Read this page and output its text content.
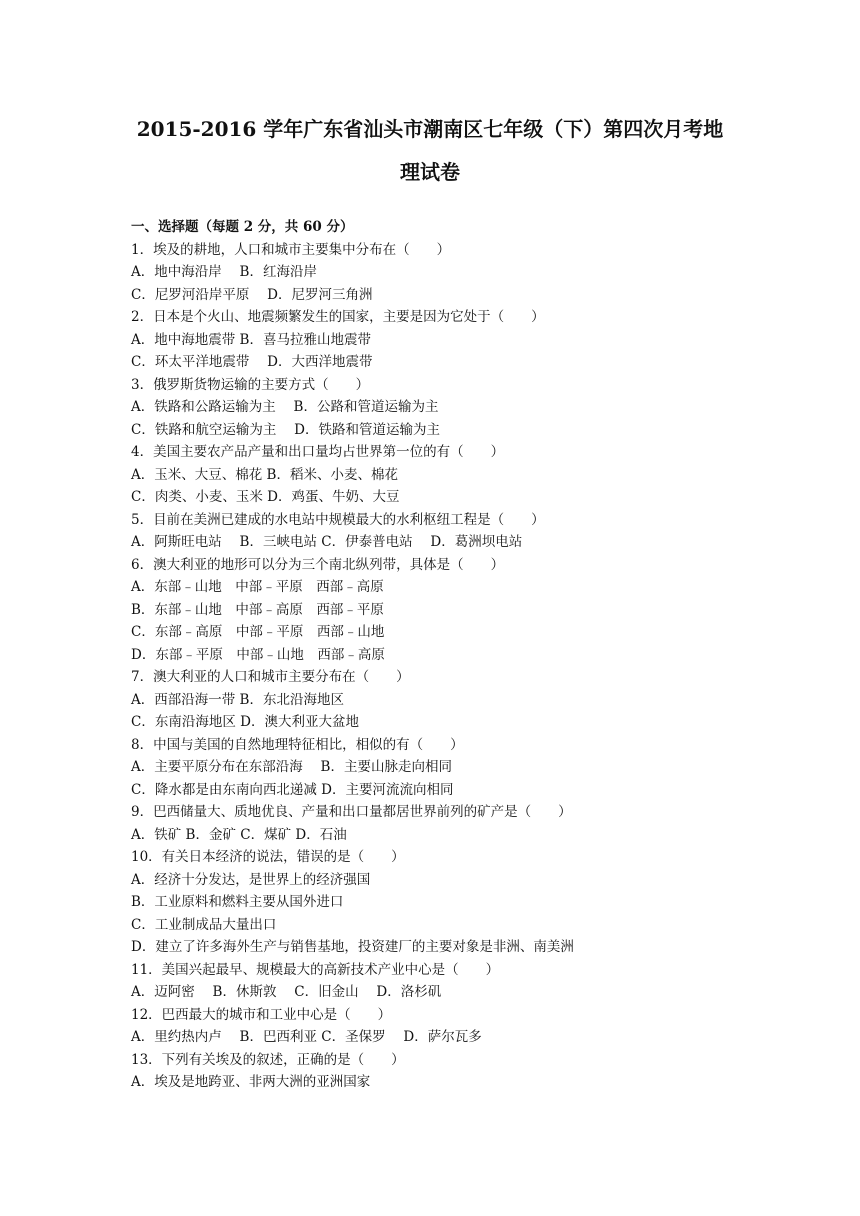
2015-2016 学年广东省汕头市潮南区七年级（下）第四次月考地
理试卷
一、选择题（每题 2 分，共 60 分）
1．埃及的耕地，人口和城市主要集中分布在（　　）
A．地中海沿岸　 B．红海沿岸
C．尼罗河沿岸平原　 D．尼罗河三角洲
2．日本是个火山、地震频繁发生的国家，主要是因为它处于（　　）
A．地中海地震带 B．喜马拉雅山地震带
C．环太平洋地震带　 D．大西洋地震带
3．俄罗斯货物运输的主要方式（　　）
A．铁路和公路运输为主　 B．公路和管道运输为主
C．铁路和航空运输为主　 D．铁路和管道运输为主
4．美国主要农产品产量和出口量均占世界第一位的有（　　）
A．玉米、大豆、棉花 B．稻米、小麦、棉花
C．肉类、小麦、玉米 D．鸡蛋、牛奶、大豆
5．目前在美洲已建成的水电站中规模最大的水利枢纽工程是（　　）
A．阿斯旺电站　 B．三峡电站 C．伊泰普电站　 D．葛洲坝电站
6．澳大利亚的地形可以分为三个南北纵列带，具体是（　　）
A．东部﹣山地　中部﹣平原　西部﹣高原
B．东部﹣山地　中部﹣高原　西部﹣平原
C．东部﹣高原　中部﹣平原　西部﹣山地
D．东部﹣平原　中部﹣山地　西部﹣高原
7．澳大利亚的人口和城市主要分布在（　　）
A．西部沿海一带 B．东北沿海地区
C．东南沿海地区 D．澳大利亚大盆地
8．中国与美国的自然地理特征相比，相似的有（　　）
A．主要平原分布在东部沿海　 B．主要山脉走向相同
C．降水都是由东南向西北递减 D．主要河流流向相同
9．巴西储量大、质地优良、产量和出口量都居世界前列的矿产是（　　）
A．铁矿 B．金矿 C．煤矿 D．石油
10．有关日本经济的说法，错误的是（　　）
A．经济十分发达，是世界上的经济强国
B．工业原料和燃料主要从国外进口
C．工业制成品大量出口
D．建立了许多海外生产与销售基地，投资建厂的主要对象是非洲、南美洲
11．美国兴起最早、规模最大的高新技术产业中心是（　　）
A．迈阿密　 B．休斯敦　 C．旧金山　 D．洛杉矶
12．巴西最大的城市和工业中心是（　　）
A．里约热内卢　 B．巴西利亚 C．圣保罗　 D．萨尔瓦多
13．下列有关埃及的叙述，正确的是（　　）
A．埃及是地跨亚、非两大洲的亚洲国家
